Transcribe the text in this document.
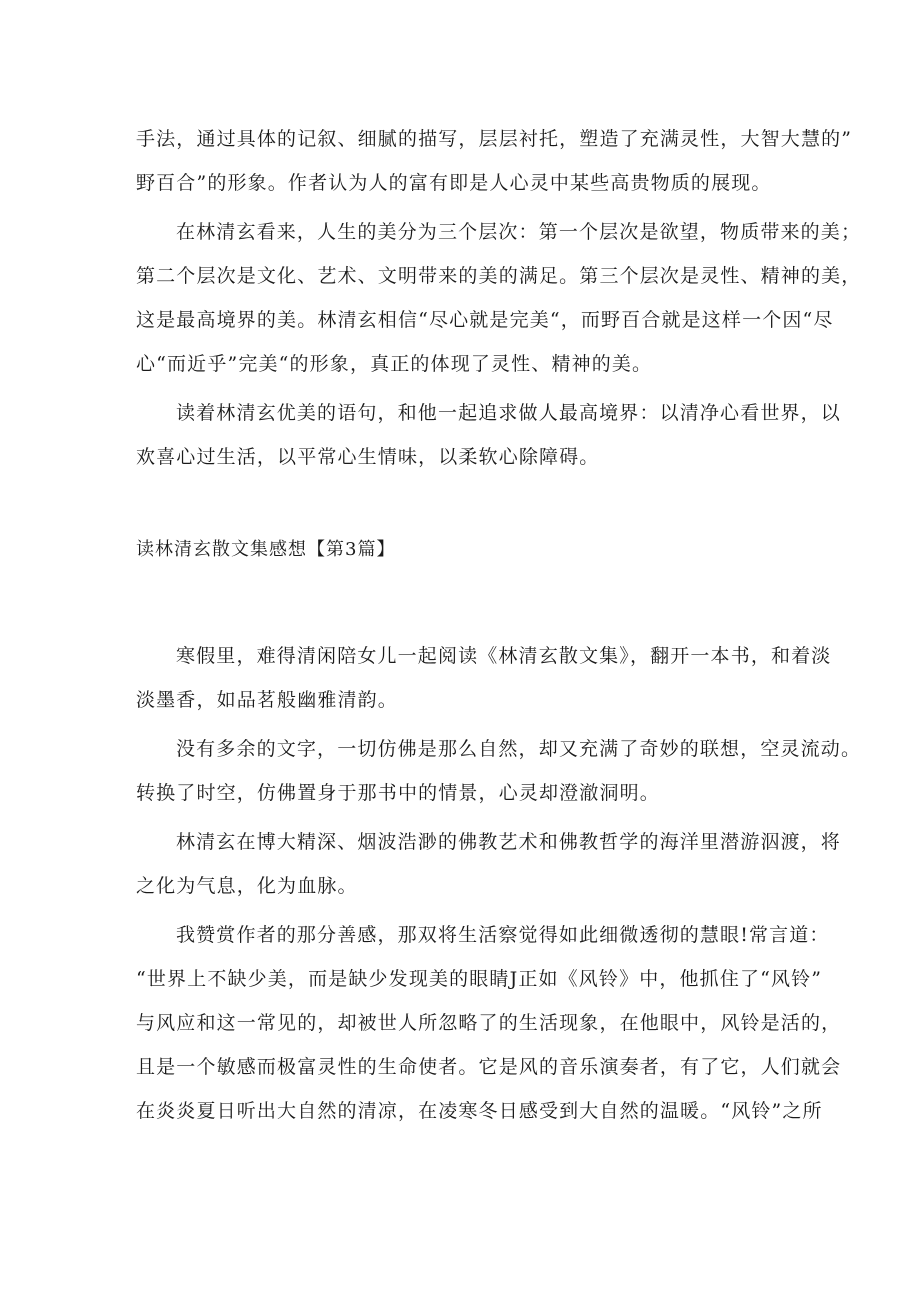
手法，通过具体的记叙、细腻的描写，层层衬托，塑造了充满灵性，大智大慧的”
野百合”的形象。作者认为人的富有即是人心灵中某些高贵物质的展现。
在林清玄看来，人生的美分为三个层次：第一个层次是欲望，物质带来的美；
第二个层次是文化、艺术、文明带来的美的满足。第三个层次是灵性、精神的美，
这是最高境界的美。林清玄相信“尽心就是完美“，而野百合就是这样一个因“尽
心“而近乎”完美“的形象，真正的体现了灵性、精神的美。
读着林清玄优美的语句，和他一起追求做人最高境界：以清净心看世界，以
欢喜心过生活，以平常心生情味，以柔软心除障碍。
读林清玄散文集感想【第3篇】
寒假里，难得清闲陪女儿一起阅读《林清玄散文集》，翻开一本书，和着淡
淡墨香，如品茗般幽雅清韵。
没有多余的文字，一切仿佛是那么自然，却又充满了奇妙的联想，空灵流动。
转换了时空，仿佛置身于那书中的情景，心灵却澄澈洞明。
林清玄在博大精深、烟波浩渺的佛教艺术和佛教哲学的海洋里潜游泅渡，将
之化为气息，化为血脉。
我赞赏作者的那分善感，那双将生活察觉得如此细微透彻的慧眼!常言道：
“世界上不缺少美，而是缺少发现美的眼睛J正如《风铃》中，他抓住了“风铃”
与风应和这一常见的，却被世人所忽略了的生活现象，在他眼中，风铃是活的，
且是一个敏感而极富灵性的生命使者。它是风的音乐演奏者，有了它，人们就会
在炎炎夏日听出大自然的清凉，在凌寒冬日感受到大自然的温暖。“风铃”之所
